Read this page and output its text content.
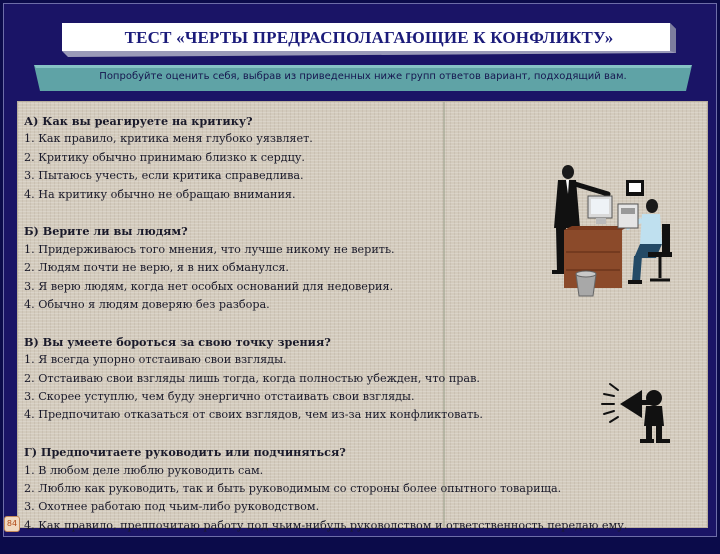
ТЕСТ «ЧЕРТЫ ПРЕДРАСПОЛАГАЮЩИЕ К КОНФЛИКТУ»
Попробуйте оценить себя, выбрав из приведенных ниже групп ответов вариант, подходящий вам.
А) Как вы реагируете на критику?
1. Как правило, критика меня глубоко уязвляет.
2. Критику обычно принимаю близко к сердцу.
3. Пытаюсь учесть, если критика справедлива.
4. На критику обычно не обращаю внимания.
Б) Верите ли вы людям?
1. Придерживаюсь того мнения, что лучше никому не верить.
2. Людям почти не верю, я в них обманулся.
3. Я верю людям, когда нет особых оснований для недоверия.
4. Обычно я людям доверяю без разбора.
В) Вы умеете бороться за свою точку зрения?
1. Я всегда упорно отстаиваю свои взгляды.
2. Отстаиваю свои взгляды лишь тогда, когда полностью убежден, что прав.
3. Скорее уступлю, чем буду энергично отстаивать свои взгляды.
4. Предпочитаю отказаться от своих взглядов, чем из-за них конфликтовать.
Г) Предпочитаете руководить или подчиняться?
1. В любом деле люблю руководить сам.
2. Люблю как руководить, так и быть руководимым со стороны более опытного товарища.
3. Охотнее работаю под чьим-либо руководством.
4. Как правило, предпочитаю работу под чьим-нибудь руководством и ответственность передаю ему.
84
